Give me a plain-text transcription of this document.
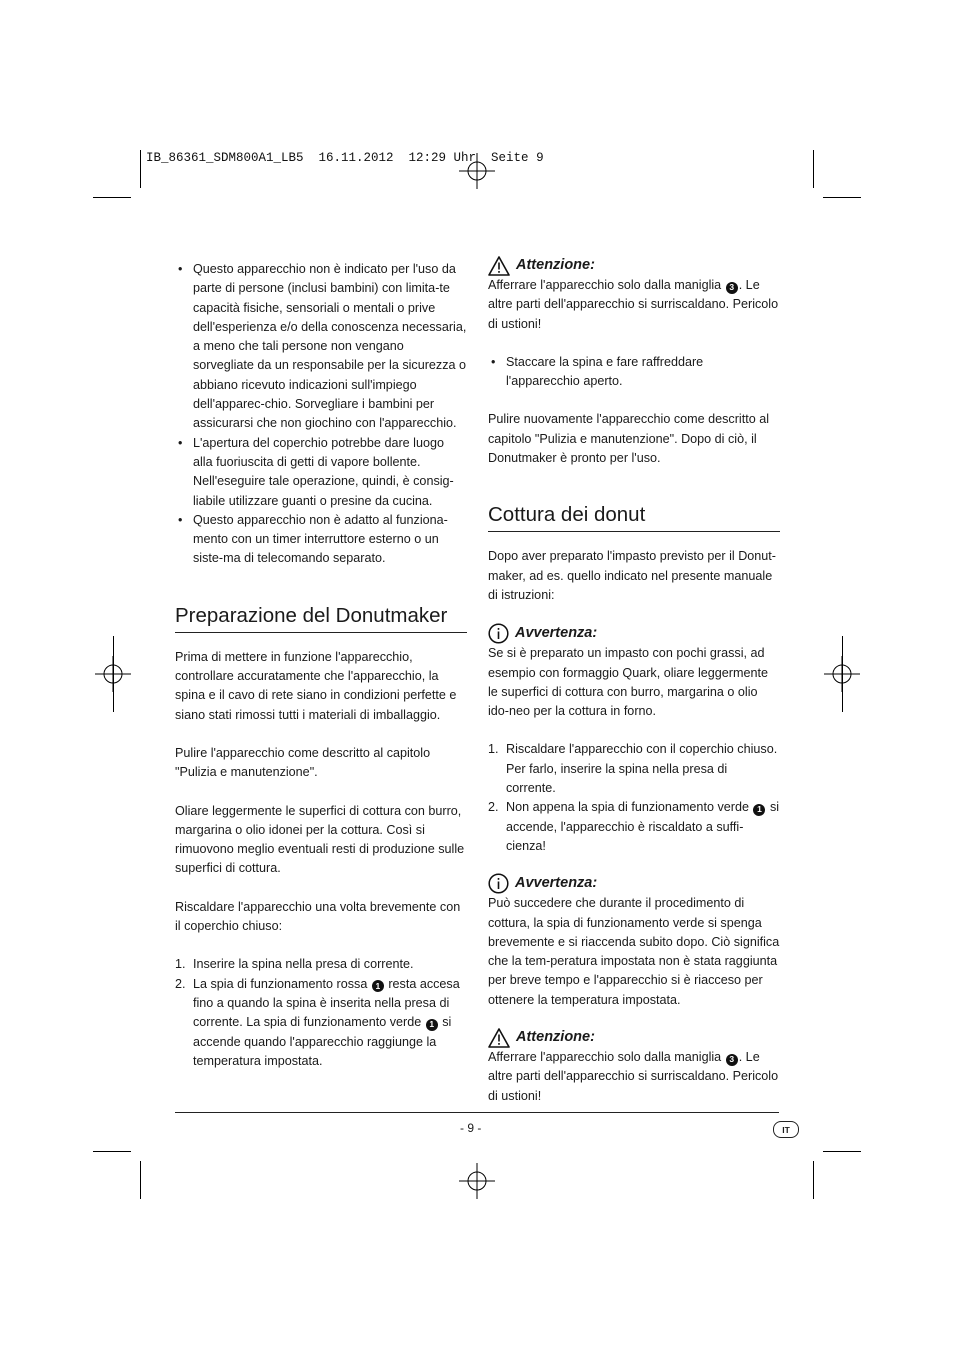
IB_86361_SDM800A1_LB5  16.11.2012  12:29 Uhr  Seite 9
• Questo apparecchio non è indicato per l'uso da parte di persone (inclusi bambini) con limita-te capacità fisiche, sensoriali o mentali o prive dell'esperienza e/o della conoscenza necessaria, a meno che tali persone non vengano sorvegliate da un responsabile per la sicurezza o abbiano ricevuto indicazioni sull'impiego dell'apparec-chio. Sorvegliare i bambini per assicurarsi che non giochino con l'apparecchio.
• L'apertura del coperchio potrebbe dare luogo alla fuoriuscita di getti di vapore bollente. Nell'eseguire tale operazione, quindi, è consig-liabile utilizzare guanti o presine da cucina.
• Questo apparecchio non è adatto al funziona-mento con un timer interruttore esterno o un siste-ma di telecomando separato.
Preparazione del Donutmaker

Prima di mettere in funzione l'apparecchio, controllare accuratamente che l'apparecchio, la spina e il cavo di rete siano in condizioni perfette e siano stati rimossi tutti i materiali di imballaggio.

Pulire l'apparecchio come descritto al capitolo "Pulizia e manutenzione".

Oliare leggermente le superfici di cottura con burro, margarina o olio idonei per la cottura. Così si rimuovono meglio eventuali resti di produzione sulle superfici di cottura.

Riscaldare l'apparecchio una volta brevemente con il coperchio chiuso:

1. Inserire la spina nella presa di corrente.
2. La spia di funzionamento rossa 1 resta accesa fino a quando la spina è inserita nella presa di corrente. La spia di funzionamento verde 1 si accende quando l'apparecchio raggiunge la temperatura impostata.
Attenzione:

Afferrare l'apparecchio solo dalla maniglia 3 . Le altre parti dell'apparecchio si surriscaldano. Pericolo di ustioni!

• Staccare la spina e fare raffreddare l'apparecchio aperto.

Pulire nuovamente l'apparecchio come descritto al capitolo "Pulizia e manutenzione". Dopo di ciò, il Donutmaker è pronto per l'uso.

Cottura dei donut

Dopo aver preparato l'impasto previsto per il Donut-maker, ad es. quello indicato nel presente manuale di istruzioni:

Avvertenza:

Se si è preparato un impasto con pochi grassi, ad esempio con formaggio Quark, oliare leggermente le superfici di cottura con burro, margarina o olio ido-neo per la cottura in forno.

1. Riscaldare l'apparecchio con il coperchio chiuso. Per farlo, inserire la spina nella presa di corrente.
2. Non appena la spia di funzionamento verde 1 si accende, l'apparecchio è riscaldato a suffi-cienza!
Avvertenza:

Può succedere che durante il procedimento di cottura, la spia di funzionamento verde si spenga brevemente e si riaccenda subito dopo. Ciò significa che la tem-peratura impostata non è stata raggiunta per breve tempo e l'apparecchio si è riacceso per ottenere la temperatura impostata.

Attenzione:

Afferrare l'apparecchio solo dalla maniglia 3 . Le altre parti dell'apparecchio si surriscaldano. Pericolo di ustioni!

- 9 -	IT
